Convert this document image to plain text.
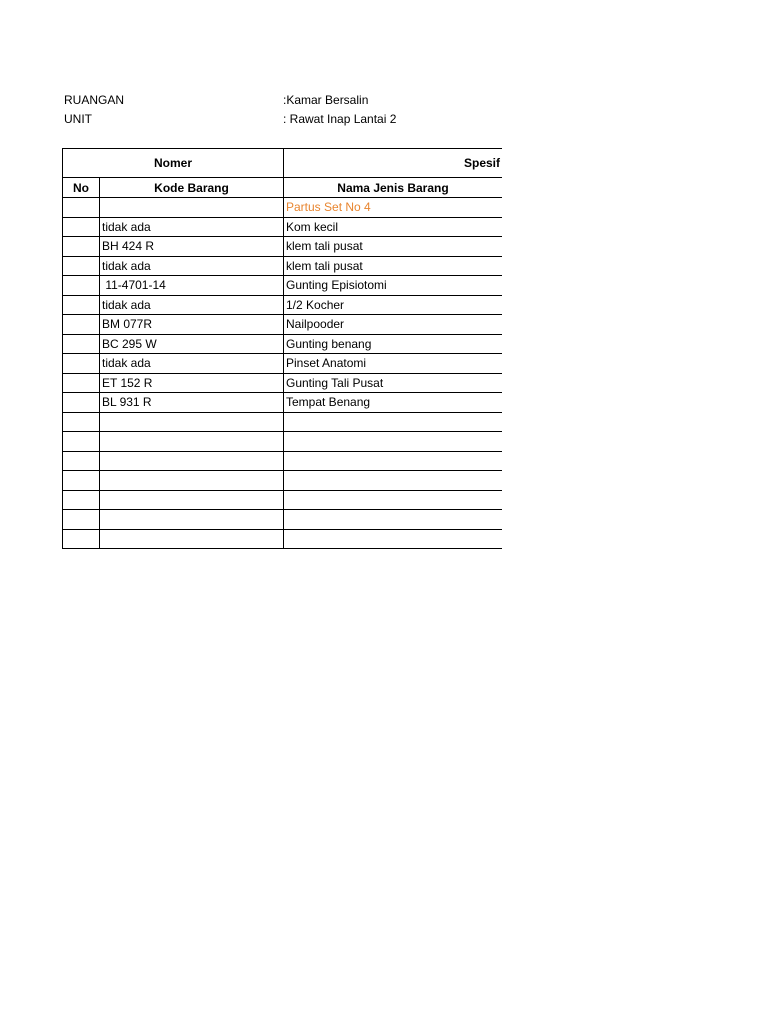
RUANGAN	:Kamar Bersalin
UNIT	: Rawat Inap Lantai 2
Nomer		Spesif
No	Kode Barang	Nama Jenis Barang
		Partus Set No 4
	tidak ada	Kom kecil
	BH 424 R	klem tali pusat
	tidak ada	klem tali pusat
	11-4701-14	Gunting Episiotomi
	tidak ada	1/2 Kocher
	BM 077R	Nailpooder
	BC 295 W	Gunting benang
	tidak ada	Pinset Anatomi
	ET 152 R	Gunting Tali Pusat
	BL 931 R	Tempat Benang
